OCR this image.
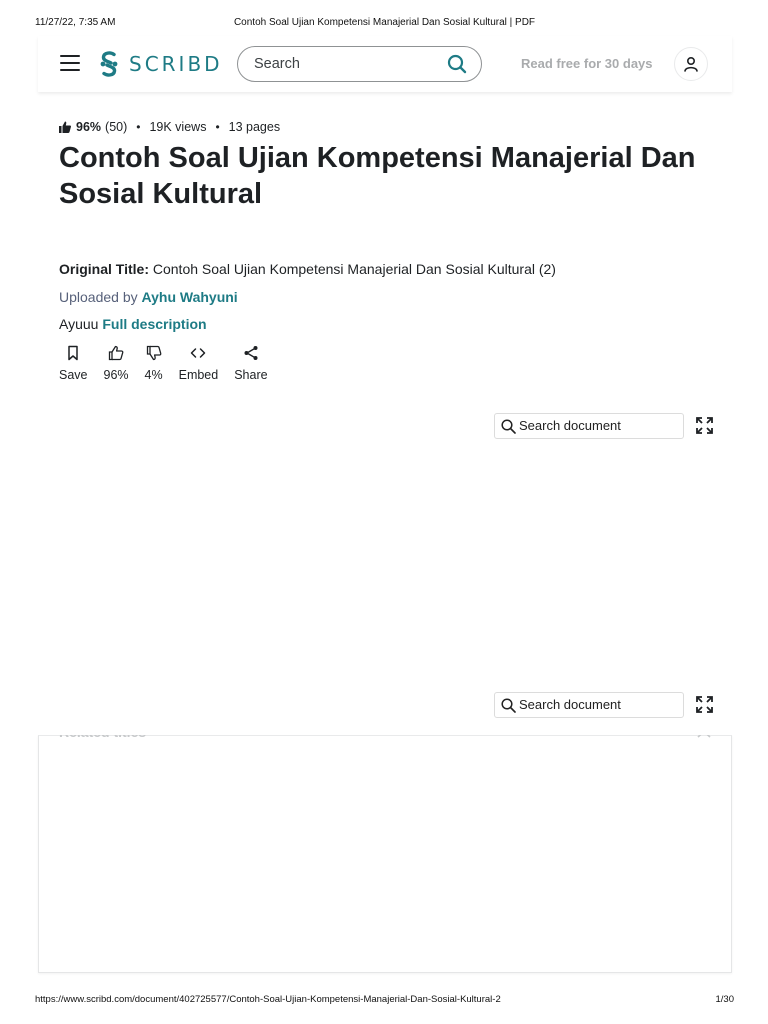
11/27/22, 7:35 AM	Contoh Soal Ujian Kompetensi Manajerial Dan Sosial Kultural | PDF
SCRIBD Search	Read free for 30 days
96% (50) • 19K views • 13 pages
Contoh Soal Ujian Kompetensi Manajerial Dan Sosial Kultural
Original Title: Contoh Soal Ujian Kompetensi Manajerial Dan Sosial Kultural (2)
Uploaded by Ayhu Wahyuni
Ayuuu Full description
Save 96% 4% Embed Share
Search document
Search document
https://www.scribd.com/document/402725577/Contoh-Soal-Ujian-Kompetensi-Manajerial-Dan-Sosial-Kultural-2	1/30
